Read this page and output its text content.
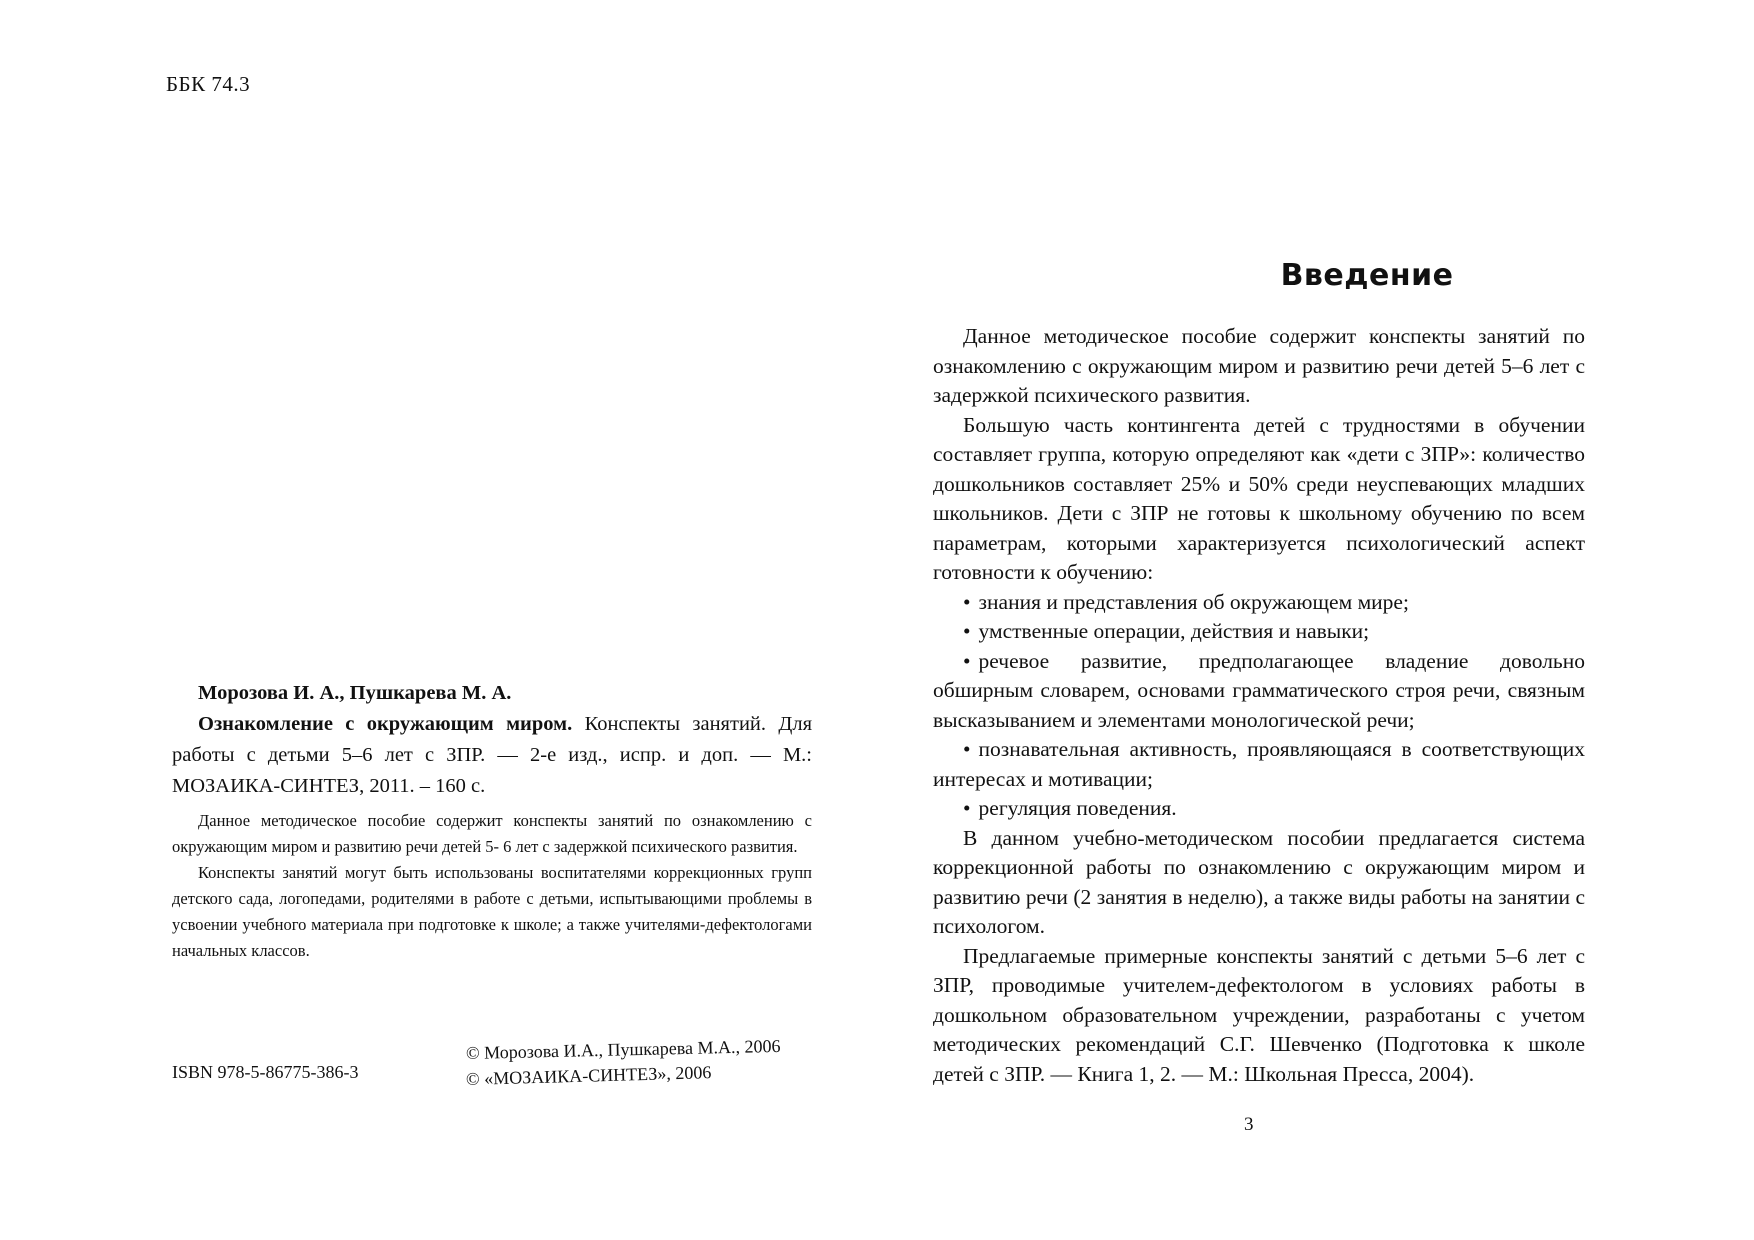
ББК 74.3

Морозова И. А., Пушкарева М. А.

Ознакомление с окружающим миром. Конспекты занятий. Для работы с детьми 5–6 лет с ЗПР. — 2-е изд., испр. и доп. — М.: МОЗАИКА-СИНТЕЗ, 2011. – 160 с.

Данное методическое пособие содержит конспекты занятий по ознакомлению с окружающим миром и развитию речи детей 5- 6 лет с задержкой психического развития.

Конспекты занятий могут быть использованы воспитателями коррекционных групп детского сада, логопедами, родителями в работе с детьми, испытывающими проблемы в усвоении учебного материала при подготовке к школе; а также учителями-дефектологами начальных классов.

ISBN 978-5-86775-386-3
© Морозова И.А., Пушкарева М.А., 2006
© «МОЗАИКА-СИНТЕЗ», 2006
Введение

Данное методическое пособие содержит конспекты занятий по ознакомлению с окружающим миром и развитию речи детей 5–6 лет с задержкой психического развития.

Большую часть контингента детей с трудностями в обучении составляет группа, которую определяют как «дети с ЗПР»: количество дошкольников составляет 25% и 50% среди неуспевающих младших школьников. Дети с ЗПР не готовы к школьному обучению по всем параметрам, которыми характеризуется психологический аспект готовности к обучению:

• знания и представления об окружающем мире;
• умственные операции, действия и навыки;
• речевое развитие, предполагающее владение довольно обширным словарем, основами грамматического строя речи, связным высказыванием и элементами монологической речи;
• познавательная активность, проявляющаяся в соответствующих интересах и мотивации;
• регуляция поведения.

В данном учебно-методическом пособии предлагается система коррекционной работы по ознакомлению с окружающим миром и развитию речи (2 занятия в неделю), а также виды работы на занятии с психологом.

Предлагаемые примерные конспекты занятий с детьми 5–6 лет с ЗПР, проводимые учителем-дефектологом в условиях работы в дошкольном образовательном учреждении, разработаны с учетом методических рекомендаций С.Г. Шевченко (Подготовка к школе детей с ЗПР. — Книга 1, 2. — М.: Школьная Пресса, 2004).

3
